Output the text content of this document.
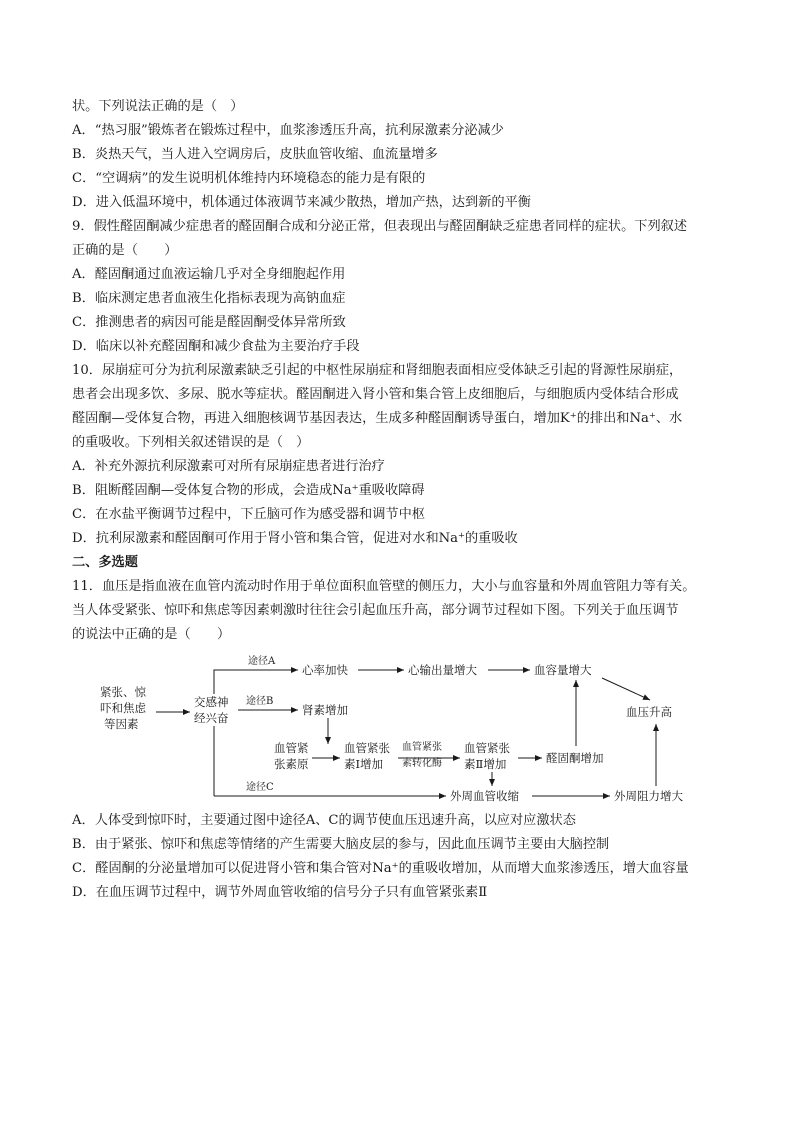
状。下列说法正确的是（　）
A．“热习服”锻炼者在锻炼过程中，血浆渗透压升高，抗利尿激素分泌减少
B．炎热天气，当人进入空调房后，皮肤血管收缩、血流量增多
C．“空调病”的发生说明机体维持内环境稳态的能力是有限的
D．进入低温环境中，机体通过体液调节来减少散热，增加产热，达到新的平衡
9．假性醛固酮减少症患者的醛固酮合成和分泌正常，但表现出与醛固酮缺乏症患者同样的症状。下列叙述
正确的是（　　）
A．醛固酮通过血液运输几乎对全身细胞起作用
B．临床测定患者血液生化指标表现为高钠血症
C．推测患者的病因可能是醛固酮受体异常所致
D．临床以补充醛固酮和减少食盐为主要治疗手段
10．尿崩症可分为抗利尿激素缺乏引起的中枢性尿崩症和肾细胞表面相应受体缺乏引起的肾源性尿崩症，
患者会出现多饮、多尿、脱水等症状。醛固酮进入肾小管和集合管上皮细胞后，与细胞质内受体结合形成
醛固酮—受体复合物，再进入细胞核调节基因表达，生成多种醛固酮诱导蛋白，增加K⁺的排出和Na⁺、水
的重吸收。下列相关叙述错误的是（　）
A．补充外源抗利尿激素可对所有尿崩症患者进行治疗
B．阻断醛固酮—受体复合物的形成，会造成Na⁺重吸收障碍
C．在水盐平衡调节过程中，下丘脑可作为感受器和调节中枢
D．抗利尿激素和醛固酮可作用于肾小管和集合管，促进对水和Na⁺的重吸收
二、多选题
11．血压是指血液在血管内流动时作用于单位面积血管壁的侧压力，大小与血容量和外周血管阻力等有关。
当人体受紧张、惊吓和焦虑等因素刺激时往往会引起血压升高，部分调节过程如下图。下列关于血压调节
的说法中正确的是（　　）
紧张、惊
吓和焦虑
等因素
交感神
经兴奋
途径A
心率加快	心输出量增大	血容量增大
途径B
肾素增加
血管紧
张素原
血管紧张
素Ⅰ增加
血管紧张
素转化酶
血管紧张
素Ⅱ增加	醛固酮增加
途径C
外周血管收缩	外周阻力增大
血压升高
A．人体受到惊吓时，主要通过图中途径A、C的调节使血压迅速升高，以应对应激状态
B．由于紧张、惊吓和焦虑等情绪的产生需要大脑皮层的参与，因此血压调节主要由大脑控制
C．醛固酮的分泌量增加可以促进肾小管和集合管对Na⁺的重吸收增加，从而增大血浆渗透压，增大血容量
D．在血压调节过程中，调节外周血管收缩的信号分子只有血管紧张素Ⅱ
